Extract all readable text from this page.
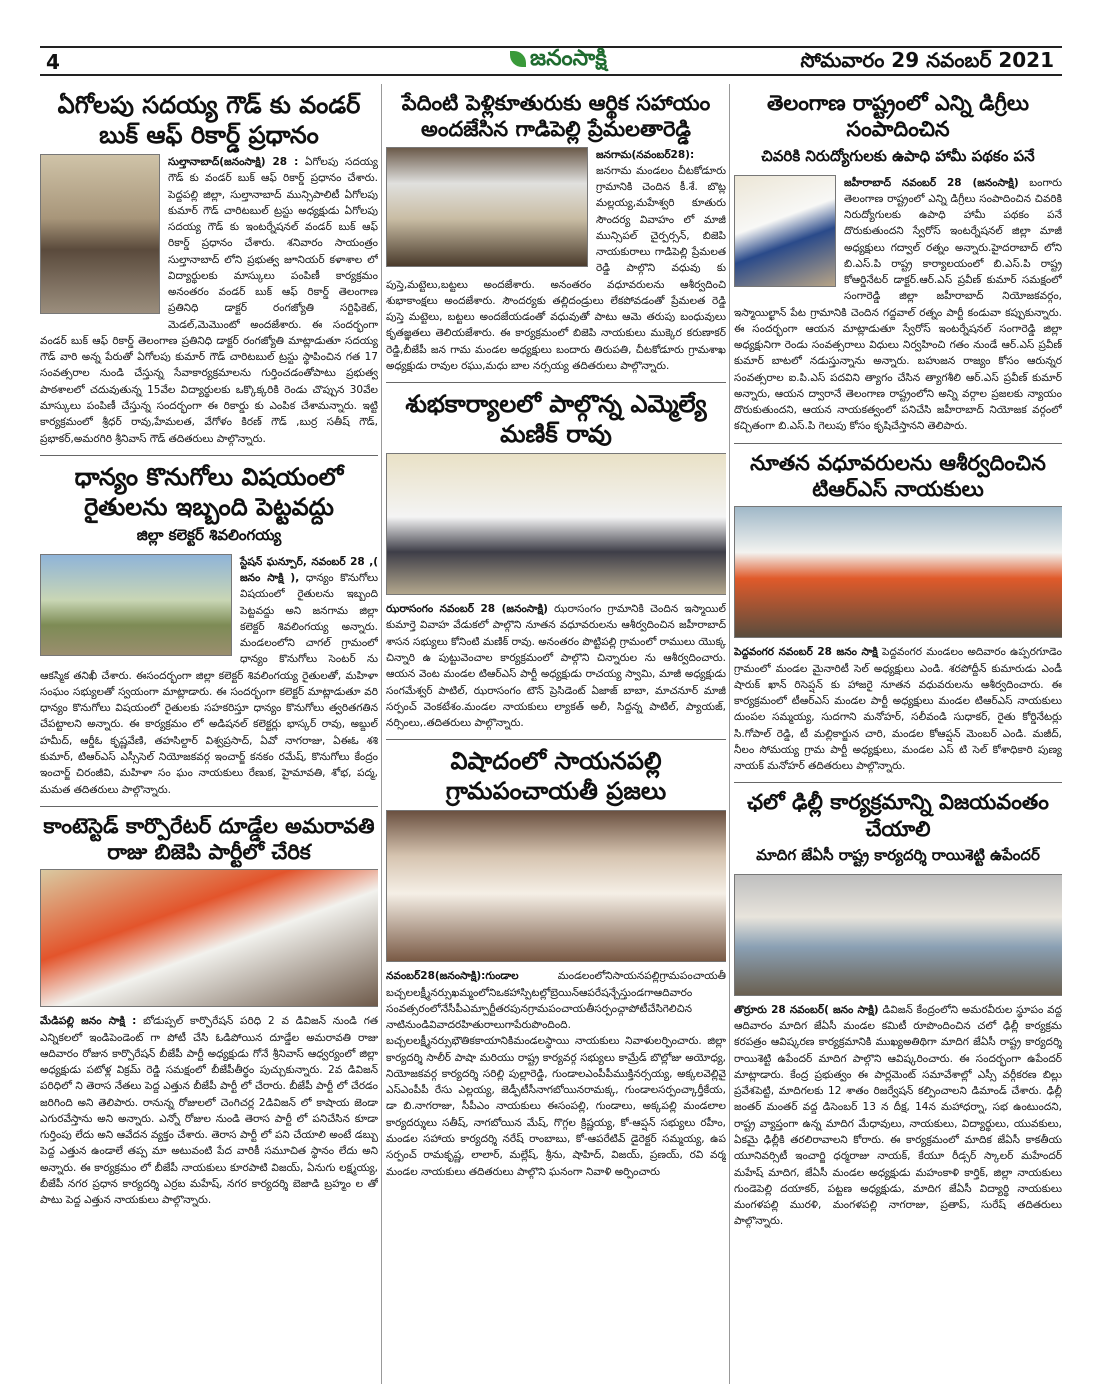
4	జనంసాక్షి	సోమవారం 29 నవంబర్ 2021
ఏగోలపు సదయ్య గౌడ్ కు వండర్ బుక్ ఆఫ్ రికార్డ్ ప్రధానం
సుల్తానాబాద్(జనంసాక్షి) 28 : ఏగోలపు సదయ్య గౌడ్ కు వండర్ బుక్ ఆఫ్ రికార్డ్ ప్రధానం చేశారు. పెద్దపల్లి జిల్లా, సుల్తానాబాద్ మున్సిపాలిటీ ఏగోలపు కుమార్ గౌడ్ చారిటబుల్ ట్రస్టు అధ్యక్షుడు ఏగోలపు సదయ్య గౌడ్ కు ఇంటర్నేషనల్ వండర్ బుక్ ఆఫ్ రికార్డ్ ప్రధానం చేశారు. శనివారం సాయంత్రం సుల్తానాబాద్ లోని ప్రభుత్వ జూనియర్ కళాశాల లో విద్యార్థులకు మాస్కులు పంపిణీ కార్యక్రమం అనంతరం వండర్ బుక్ ఆఫ్ రికార్డ్ తెలంగాణ ప్రతినిధి డాక్టర్ రంగజ్యోతి సర్టిఫికెట్, మెడల్,మెమొంటో అందజేశారు. ఈ సందర్భంగా వండర్ బుక్ ఆఫ్ రికార్డ్ తెలంగాణ ప్రతినిధి డాక్టర్ రంగజ్యోతి మాట్లాడుతూ సదయ్య గౌడ్ వారి అన్న పేరుతో ఏగోలపు కుమార్ గౌడ్ చారిటబుల్ ట్రస్టు స్థాపించిన గత 17 సంవత్సరాల నుండి చేస్తున్న సేవాకార్యక్రమాలను గుర్తించడంతోపాటు ప్రభుత్వ పాఠశాలలో చదువుతున్న 15వేల విద్యార్థులకు ఒక్కొక్కరికి రెండు చొప్పున 30వేల మాస్కులు పంపిణీ చేస్తున్న సందర్భంగా ఈ రికార్డు కు ఎంపిక చేశామన్నారు. ఇట్టి కార్యక్రమంలో శ్రీధర్ రావు,హేమలత, వేగోళం కిరణ్ గౌడ్ ,బుర్ర సతీష్ గౌడ్, ప్రభాకర్,అమరగిరి శ్రీనివాస్ గౌడ్ తదితరులు పాల్గొన్నారు.
ధాన్యం కొనుగోలు విషయంలో రైతులను ఇబ్బంది పెట్టవద్దు
జిల్లా కలెక్టర్ శివలింగయ్య
స్టేషన్ ఘన్పూర్, నవంబర్ 28 ,( జనం సాక్షి ), ధాన్యం కొనుగోలు విషయంలో రైతులను ఇబ్బంది పెట్టవద్దు అని జనగామ జిల్లా కలెక్టర్ శివలింగయ్య అన్నారు. మండలంలోని చాగల్ గ్రామంలో ధాన్యం కొనుగోలు సెంటర్ ను ఆకస్మిక తనిఖీ చేశారు. ఈసందర్భంగా జిల్లా కలెక్టర్ శివలింగయ్య రైతులతో, మహిళా సంఘం సభ్యులతో స్వయంగా మాట్లాడారు. ఈ సందర్భంగా కలెక్టర్ మాట్లాడుతూ వరి ధాన్యం కొనుగోలు విషయంలో రైతులకు సహకరిస్తూ ధాన్యం కొనుగోలు త్వరితగతిన చేపట్టాలని అన్నారు. ఈ కార్యక్రమం లో అడిషనల్ కలెక్టర్లు భాస్కర్ రావు, అబ్దుల్ హమీద్, ఆర్డీఓ కృష్ణవేణి, తహసిల్దార్ విశ్వప్రసాద్, ఏవో నాగరాజు, ఏఈఓ శశి కుమార్, టిఆర్ఎస్ ఎస్సీసెల్ నియోజకవర్గ ఇంచార్జ్ కనకం రమేష్, కొనుగోలు కేంద్రం ఇంచార్జ్ చిరంజీవి, మహిళా సం ఘం నాయకులు రేణుక, హైమావతి, శోభ, పద్మ, మమత తదితరులు పాల్గొన్నారు.
కాంటెస్టెడ్ కార్పొరేటర్ దూడ్డేల అమరావతి రాజు బిజెపి పార్టీలో చేరిక
మేడిపల్లి జనం సాక్షి : బోడుప్పల్ కార్పొరేషన్ పరిధి 2 వ డివిజన్ నుండి గత ఎన్నికలలో ఇండిపెండెంట్ గా పోటీ చేసి ఓడిపోయిన దూడ్డేల అమరావతి రాజు ఆదివారం రోజున కార్పొరేషన్ బీజేపీ పార్టీ అధ్యక్షుడు గోనే శ్రీనివాస్ ఆధ్వర్యంలో జిల్లా అధ్యక్షుడు పటోళ్ల విక్రమ్ రెడ్డి సమక్షంలో బీజేపీతీర్థం పుచ్చుకున్నారు. 2వ డివిజన్ పరిధిలో ని తెరాస నేతలు పెద్ద ఎత్తున బీజేపీ పార్టీ లో చేరారు. బీజేపీ పార్టీ లో చేరడం జరిగింది అని తెలిపారు. రానున్న రోజులలో చెంగిచర్ల 2డివిజన్ లో కాషాయ జెండా ఎగురవేస్తాను అని అన్నారు. ఎన్నో రోజుల నుండి తెరాస పార్టీ లో పనిచేసిన కూడా గుర్తింపు లేదు అని ఆవేదన వ్యక్తం చేశారు. తెరాస పార్టీ లో పని చేయాలి అంటే డబ్బు పెద్ద ఎత్తున ఉండాలే తప్ప మా అటువంటి పేద వారికీ సమూచిత స్థానం లేదు అని అన్నారు. ఈ కార్యక్రమం లో బీజేపీ నాయకులు కూరపాటి విజయ్, ఏనుగు లక్ష్మయ్య, బీజేపీ నగర ప్రధాన కార్యదర్శి ఎర్రబ మహేష్, నగర కార్యదర్శి బెజాడి బ్రహ్మం ల తో పాటు పెద్ద ఎత్తున నాయకులు పాల్గొన్నారు.
పేదింటి పెళ్లికూతురుకు ఆర్థిక సహాయం అందజేసిన గాడిపెల్లి ప్రేమలతారెడ్డి
జనగామ(నవంబర్28): జనగామ మండలం చీటకోడూరు గ్రామానికి చెందిన కీ.శే. బొట్ల మల్లయ్య,మహేశ్వరి కూతురు సౌందర్య వివాహం లో మాజీ మున్సిపల్ చైర్పర్సన్, బిజెపి నాయకురాలు గాడిపెల్లి ప్రేమలత రెడ్డి పాల్గొని వధువు కు పుస్తె,మట్టెలు,బట్టలు అందజేశారు. అనంతరం వధూవరులను ఆశీర్వదించి శుభాకాంక్షలు అందజేశారు. సౌందర్యకు తల్లిదండ్రులు లేకపోవడంతో ప్రేమలత రెడ్డి పుస్తె మట్టెలు, బట్టలు అందజేయడంతో వధువుతో పాటు ఆమె తరుపు బంధువులు కృతజ్ఞతలు తెలియజేశారు. ఈ కార్యక్రమంలో బిజెపి నాయకులు ముక్కెర కరుణాకర్ రెడ్డి,బీజేపీ జన గామ మండల అధ్యక్షులు బందారు తిరుపతి, చీటకోడూరు గ్రామశాఖ అధ్యక్షుడు రావుల రఘు,మధు బాల నర్సయ్య తదితరులు పాల్గొన్నారు.
శుభకార్యాలలో పాల్గొన్న ఎమ్మెల్యే మణిక్ రావు
ఝరాసంగం నవంబర్ 28 (జనంసాక్షి) ఝరాసంగం గ్రామానికి చెందిన ఇస్మాయిల్ కుమార్తె వివాహ వేడుకలో పాల్గొని నూతన వధూవరులను ఆశీర్వదించిన జహీరాబాద్ శాసన సభ్యులు కోనింటి మణిక్ రావు. అనంతరం పొట్టిపల్లి గ్రామంలో రాములు యొక్క చిన్నారి ఉ పుట్టువెంచాల కార్యక్రమంలో పాల్గొని చిన్నారుల ను ఆశీర్వదించారు. ఆయన వెంట మండల టిఆర్ఎస్ పార్టీ అధ్యక్షుడు రాచయ్య స్వామి, మాజీ అధ్యక్షుడు సంగమేశ్వర్ పాటిల్, ఝరాసంగం టౌన్ ప్రెసిడెంట్ ఏజాజ్ బాబా, మాచనూర్ మాజీ సర్పంచ్ వెంకటేశం.మండల నాయకులు ల్యాకత్ అలీ, సిద్దన్న పాటిల్, ప్యాయజ్, నర్సింలు,.తదితరులు పాల్గొన్నారు.
విషాదంలో సాయనపల్లి గ్రామపంచాయతీ ప్రజలు
నవంబర్28(జనంసాక్షి):గుండాల	మండలంలోనిసాయనపల్లిగ్రామపంచాయతీ బచ్చలలక్ష్మీనర్సుఖమ్మంలోనిఒకహాస్పిటల్లోబ్రెయిన్ఆపరేషన్చేస్తుండగాఆదివారం సంవత్సరంలోనేసీపీఎమ్పార్టీతరపునగ్రామపంచాయతీసర్పంచ్గాపోటీచేసిగెలిచిన నాటినుండివివాదరహితురాలుగాపేరుపొందింది. బచ్చలలక్ష్మీనర్సుభౌతికకాయానికిమండలస్థాయి నాయకులు నివాళులర్పించారు. జిల్లా కార్యదర్శి సాలీర్ పాషా మరియు రాష్ట్ర కార్యవర్గ సభ్యులు కామ్రేడ్ బొల్లోజు అయోధ్య, నియోజకవర్గ కార్యదర్శి సరిల్లి పుల్లారెడ్డి, గుండాలఎంపీపీముక్తినర్సయ్య, అక్కలవెల్లివై ఎస్ఎంపీపీ రేసు ఎల్లయ్య, జెడ్పీటీసీనాగబోయినరామక్క, గుండాలసర్పంచ్కార్తీకేయ, డా బి.నాగరాజు, సీపీఎం నాయకులు ఈసంపల్లి, గుండాలు, అక్కపల్లి మండలాల కార్యదర్శులు సతీష్, నాగబోయిన మేష్, గొగ్గల క్రిష్ణయ్య, కో-ఆప్షన్ సభ్యులు రహీం, మండల సహాయ కార్యదర్శి నరేష్ రాంబాబు, కో-ఆపరేటివ్ డైరెక్టర్ సమ్మయ్య, ఉప సర్పంచ్ రామకృష్ణ, లాలార్, మల్లేష్, శ్రీను, షాహిద్, విజయ్, ప్రణయ్, రవి వర్మ మండల నాయకులు తదితరులు పాల్గొని ఘనంగా నివాళి అర్పించారు
తెలంగాణ రాష్ట్రంలో ఎన్ని డిగ్రీలు సంపాదించిన
చివరికి నిరుద్యోగులకు ఉపాధి హామీ పథకం పనే
జహీరాబాద్ నవంబర్ 28 (జనంసాక్షి) బంగారు తెలంగాణ రాష్ట్రంలో ఎన్ని డిగ్రీలు సంపాదించిన చివరికి నిరుద్యోగులకు ఉపాధి హామీ పథకం పనే దొరుకుతుందని స్వేరోస్ ఇంటర్నేషనల్ జిల్లా మాజీ అధ్యక్షులు గద్వాల్ రత్నం అన్నారు.హైదరాబాద్ లోని బి.ఎస్.పి రాష్ట్ర కార్యాలయంలో బి.ఎస్.పి రాష్ట్ర కోఆర్డినేటర్ డాక్టర్.ఆర్.ఎస్ ప్రవీణ్ కుమార్ సమక్షంలో సంగారెడ్డి జిల్లా జహీరాబాద్ నియోజకవర్గం, ఇస్మాయిల్ఖాన్ పేట గ్రామానికి చెందిన గద్దవాల్ రత్నం పార్టీ కండువా కప్పుకున్నారు. ఈ సందర్భంగా ఆయన మాట్లాడుతూ స్వేరోస్ ఇంటర్నేషనల్ సంగారెడ్డి జిల్లా అధ్యక్షునిగా రెండు సంవత్సరాలు విధులు నిర్వహించి గతం నుండే ఆర్.ఎస్ ప్రవీణ్ కుమార్ బాటలో నడుస్తున్నాను అన్నారు. బహుజన రాజ్యం కోసం ఆరున్నర సంవత్సరాల ఐ.పి.ఎస్ పదవిని త్యాగం చేసిన త్యాగశీలి ఆర్.ఎస్ ప్రవీణ్ కుమార్ అన్నారు, ఆయన ద్వారానే తెలంగాణ రాష్ట్రంలోని అన్ని వర్గాల ప్రజలకు న్యాయం దొరుకుతుందని, ఆయన నాయకత్వంలో పనిచేసి జహీరాబాద్ నియోజక వర్గంలో కచ్చితంగా బి.ఎస్.పి గెలుపు కోసం కృషిచేస్తానని తెలిపారు.
నూతన వధూవరులను ఆశీర్వదించిన టిఆర్ఎస్ నాయకులు
పెద్దవంగర నవంబర్ 28 జనం సాక్షి పెద్దవంగర మండలం అదివారం ఉప్పరగూడెం గ్రామంలో మండల మైనారిటీ సెల్ అధ్యక్షులు ఎండి. శరపోద్దీన్ కుమారుడు ఎండీ షారుక్ ఖాన్ రిసెప్షన్ కు హాజరై నూతన వధువరులను ఆశీర్వదించారు. ఈ కార్యక్రమంలో టీఆర్ఎస్ మండల పార్టీ అధ్యక్షులు మండల టిఆర్ఎస్ నాయకులు దుంపల సమ్మయ్య, సుదగాని మనోహర్, సలీవండి సుధాకర్, రైతు కోర్డినేటర్లు సి.గోపాల్ రెడ్డి, టీ మల్లికార్జున చారి, మండల కోఆప్షన్ మెంబర్ ఎండి. మజీద్, నీలం సోమయ్య గ్రామ పార్టీ అధ్యక్షులు, మండల ఎస్ టి సెల్ కోశాధికారి పుణ్య నాయక్ మనోహర్ తదితరులు పాల్గొన్నారు.
ఛలో ఢిల్లీ కార్యక్రమాన్ని విజయవంతం చేయాలి
మాదిగ జేఏసీ రాష్ట్ర కార్యదర్శి రాయిశెట్టి ఉపేందర్
తొర్రూరు 28 నవంబర్( జనం సాక్షి) డివిజన్ కేంద్రంలోని అమరవీరుల స్థూపం వద్ద ఆదివారం మాదిగ జేఏసీ మండల కమిటీ రూపొందించిన చలో ఢిల్లీ కార్యక్రమ కరపత్రం ఆవిష్కరణ కార్యక్రమానికి ముఖ్యఅతిథిగా మాదిగ జేఏసీ రాష్ట్ర కార్యదర్శి రాయిశెట్టి ఉపేందర్ మాదిగ పాల్గొని ఆవిష్కరించారు. ఈ సందర్భంగా ఉపేందర్ మాట్లాడారు. కేంద్ర ప్రభుత్వం ఈ పార్లమెంట్ సమావేశాల్లో ఎస్సీ వర్గీకరణ బిల్లు ప్రవేశపెట్టి, మాదిగలకు 12 శాతం రిజర్వేషన్ కల్పించాలని డిమాండ్ చేశారు. ఢిల్లీ జంతర్ మంతర్ వద్ద డిసెంబర్ 13 న దీక్ష, 14న మహాధర్నా, సభ ఉంటుందని, రాష్ట్ర వ్యాప్తంగా ఉన్న మాదిగ మేధావులు, నాయకులు, విద్యార్థులు, యువకులు, ఏకమై ఢిల్లీకి తరలిరావాలని కోరారు. ఈ కార్యక్రమంలో మాదిక జేఏసీ కాకతీయ యూనివర్సిటీ ఇంచార్జి ధర్మరాజు నాయక్, కేయూ రీడ్సర్ స్కాలర్ మహేందర్ మహేష్ మాదిగ, జేఏసీ మండల అధ్యక్షుడు మహంకాళి కార్తిక్, జిల్లా నాయకులు గుండెపెల్లి దయాకర్, పట్టణ అధ్యక్షుడు, మాదిగ జేఏసీ విద్యార్థి నాయకులు మంగళపల్లి మురళి, మంగళపల్లి నాగరాజు, ప్రతాప్, సురేష్ తదితరులు పాల్గొన్నారు.
